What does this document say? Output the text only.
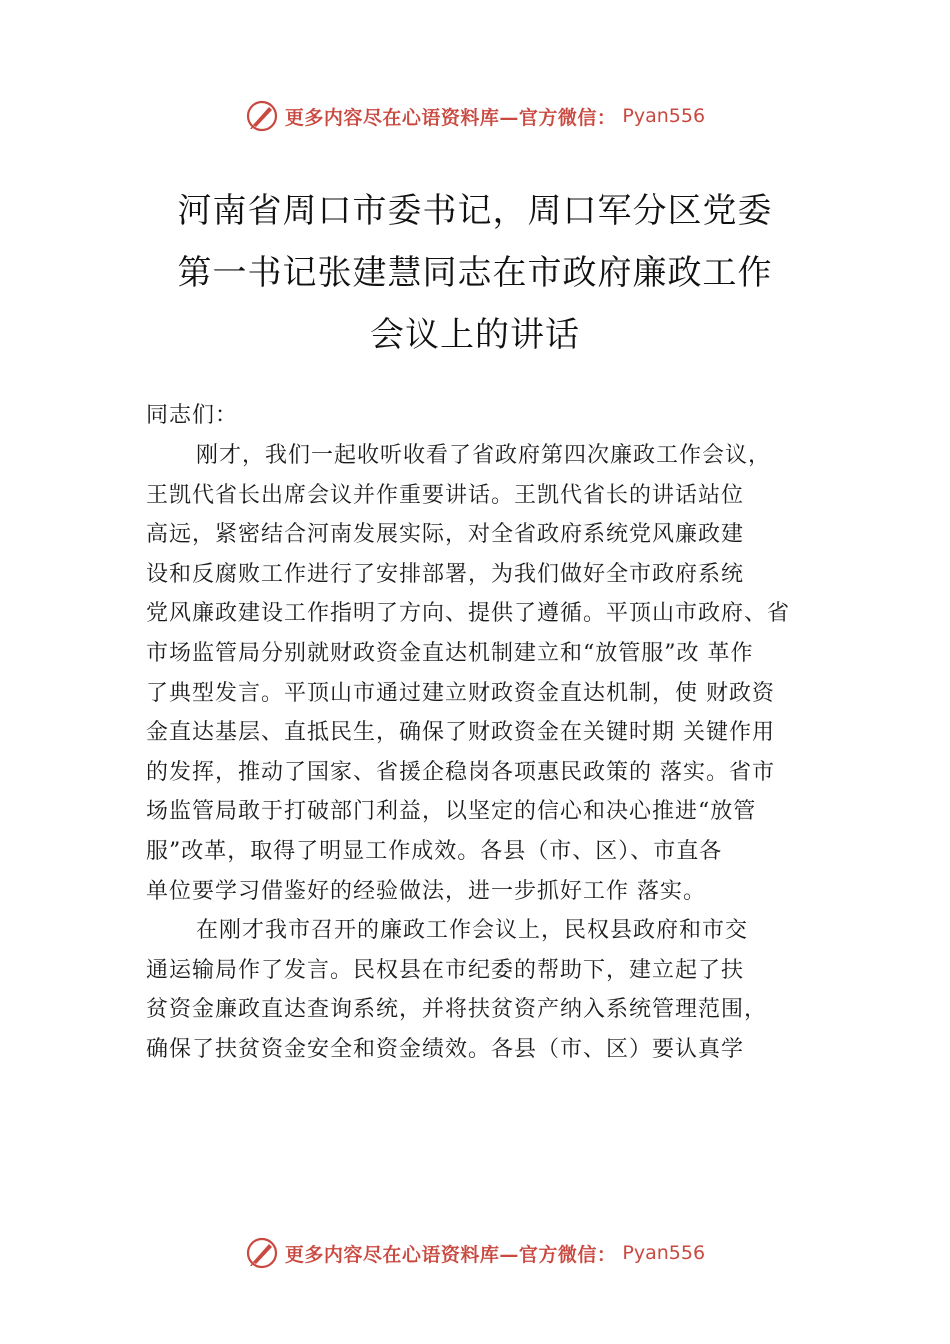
更多内容尽在心语资料库—官方微信： Pyan556
河南省周口市委书记，周口军分区党委
第一书记张建慧同志在市政府廉政工作
会议上的讲话
同志们：
刚才，我们一起收听收看了省政府第四次廉政工作会议，
王凯代省长出席会议并作重要讲话。王凯代省长的讲话站位
高远，紧密结合河南发展实际，对全省政府系统党风廉政建
设和反腐败工作进行了安排部署，为我们做好全市政府系统
党风廉政建设工作指明了方向、提供了遵循。平顶山市政府、省
市场监管局分别就财政资金直达机制建立和“放管服”改 革作
了典型发言。平顶山市通过建立财政资金直达机制，使 财政资
金直达基层、直抵民生，确保了财政资金在关键时期 关键作用
的发挥，推动了国家、省援企稳岗各项惠民政策的 落实。省市
场监管局敢于打破部门利益，以坚定的信心和决心推进“放管
服”改革，取得了明显工作成效。各县（市、区）、市直各
单位要学习借鉴好的经验做法，进一步抓好工作 落实。
在刚才我市召开的廉政工作会议上，民权县政府和市交
通运输局作了发言。民权县在市纪委的帮助下，建立起了扶
贫资金廉政直达查询系统，并将扶贫资产纳入系统管理范围，
确保了扶贫资金安全和资金绩效。各县（市、区）要认真学
更多内容尽在心语资料库—官方微信： Pyan556
